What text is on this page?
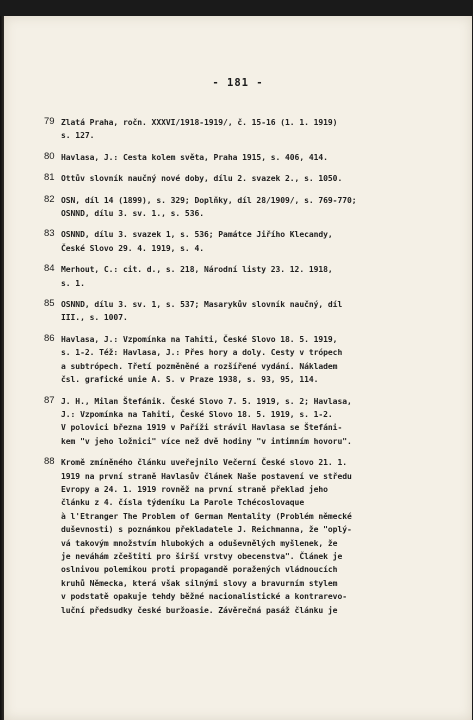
- 181 -
79 Zlatá Praha, ročn. XXXVI/1918-1919/, č. 15-16 (1. 1. 1919)
s. 127.
80 Havlasa, J.: Cesta kolem světa, Praha 1915, s. 406, 414.
81 Ottův slovník naučný nové doby, dílu 2. svazek 2., s. 1050.
82 OSN, díl 14 (1899), s. 329; Doplňky, díl 28/1909/, s. 769-770;
OSNND, dílu 3. sv. 1., s. 536.
83 OSNND, dílu 3. svazek 1, s. 536; Památce Jiřího Klecandy,
České Slovo 29. 4. 1919, s. 4.
84 Merhout, C.: cit. d., s. 218, Národní listy 23. 12. 1918,
s. 1.
85 OSNND, dílu 3. sv. 1, s. 537; Masarykův slovník naučný, díl
III., s. 1007.
86 Havlasa, J.: Vzpomínka na Tahiti, České Slovo 18. 5. 1919,
s. 1-2. Též: Havlasa, J.: Přes hory a doly. Cesty v trópech
a subtrópech. Třetí pozměněné a rozšířené vydání. Nákladem
čsl. grafické unie A. S. v Praze 1938, s. 93, 95, 114.
87 J. H., Milan Štefánik. České Slovo 7. 5. 1919, s. 2; Havlasa,
J.: Vzpomínka na Tahiti, České Slovo 18. 5. 1919, s. 1-2.
V polovici března 1919 v Paříži strávil Havlasa se Štefáni-
kem "v jeho ložnici" více než dvě hodiny "v intimním hovoru".
88 Kromě zmíněného článku uveřejnilo Večerní České slovo 21. 1.
1919 na první straně Havlasův článek Naše postavení ve středu
Evropy a 24. 1. 1919 rovněž na první straně překlad jeho
článku z 4. čísla týdeníku La Parole Tchécoslovaque
à l'Etranger The Problem of German Mentality (Problém německé
duševnosti) s poznámkou překladatele J. Reichmanna, že "oplý-
vá takovým množstvím hlubokých a oduševnělých myšlenek, že
je neváhám zčeštiti pro širší vrstvy obecenstva". Článek je
oslnivou polemikou proti propagandě poražených vládnoucích
kruhů Německa, která však silnými slovy a bravurním stylem
v podstatě opakuje tehdy běžné nacionalistické a kontrarevo-
luční předsudky české buržoasie. Závěrečná pasáž článku je
